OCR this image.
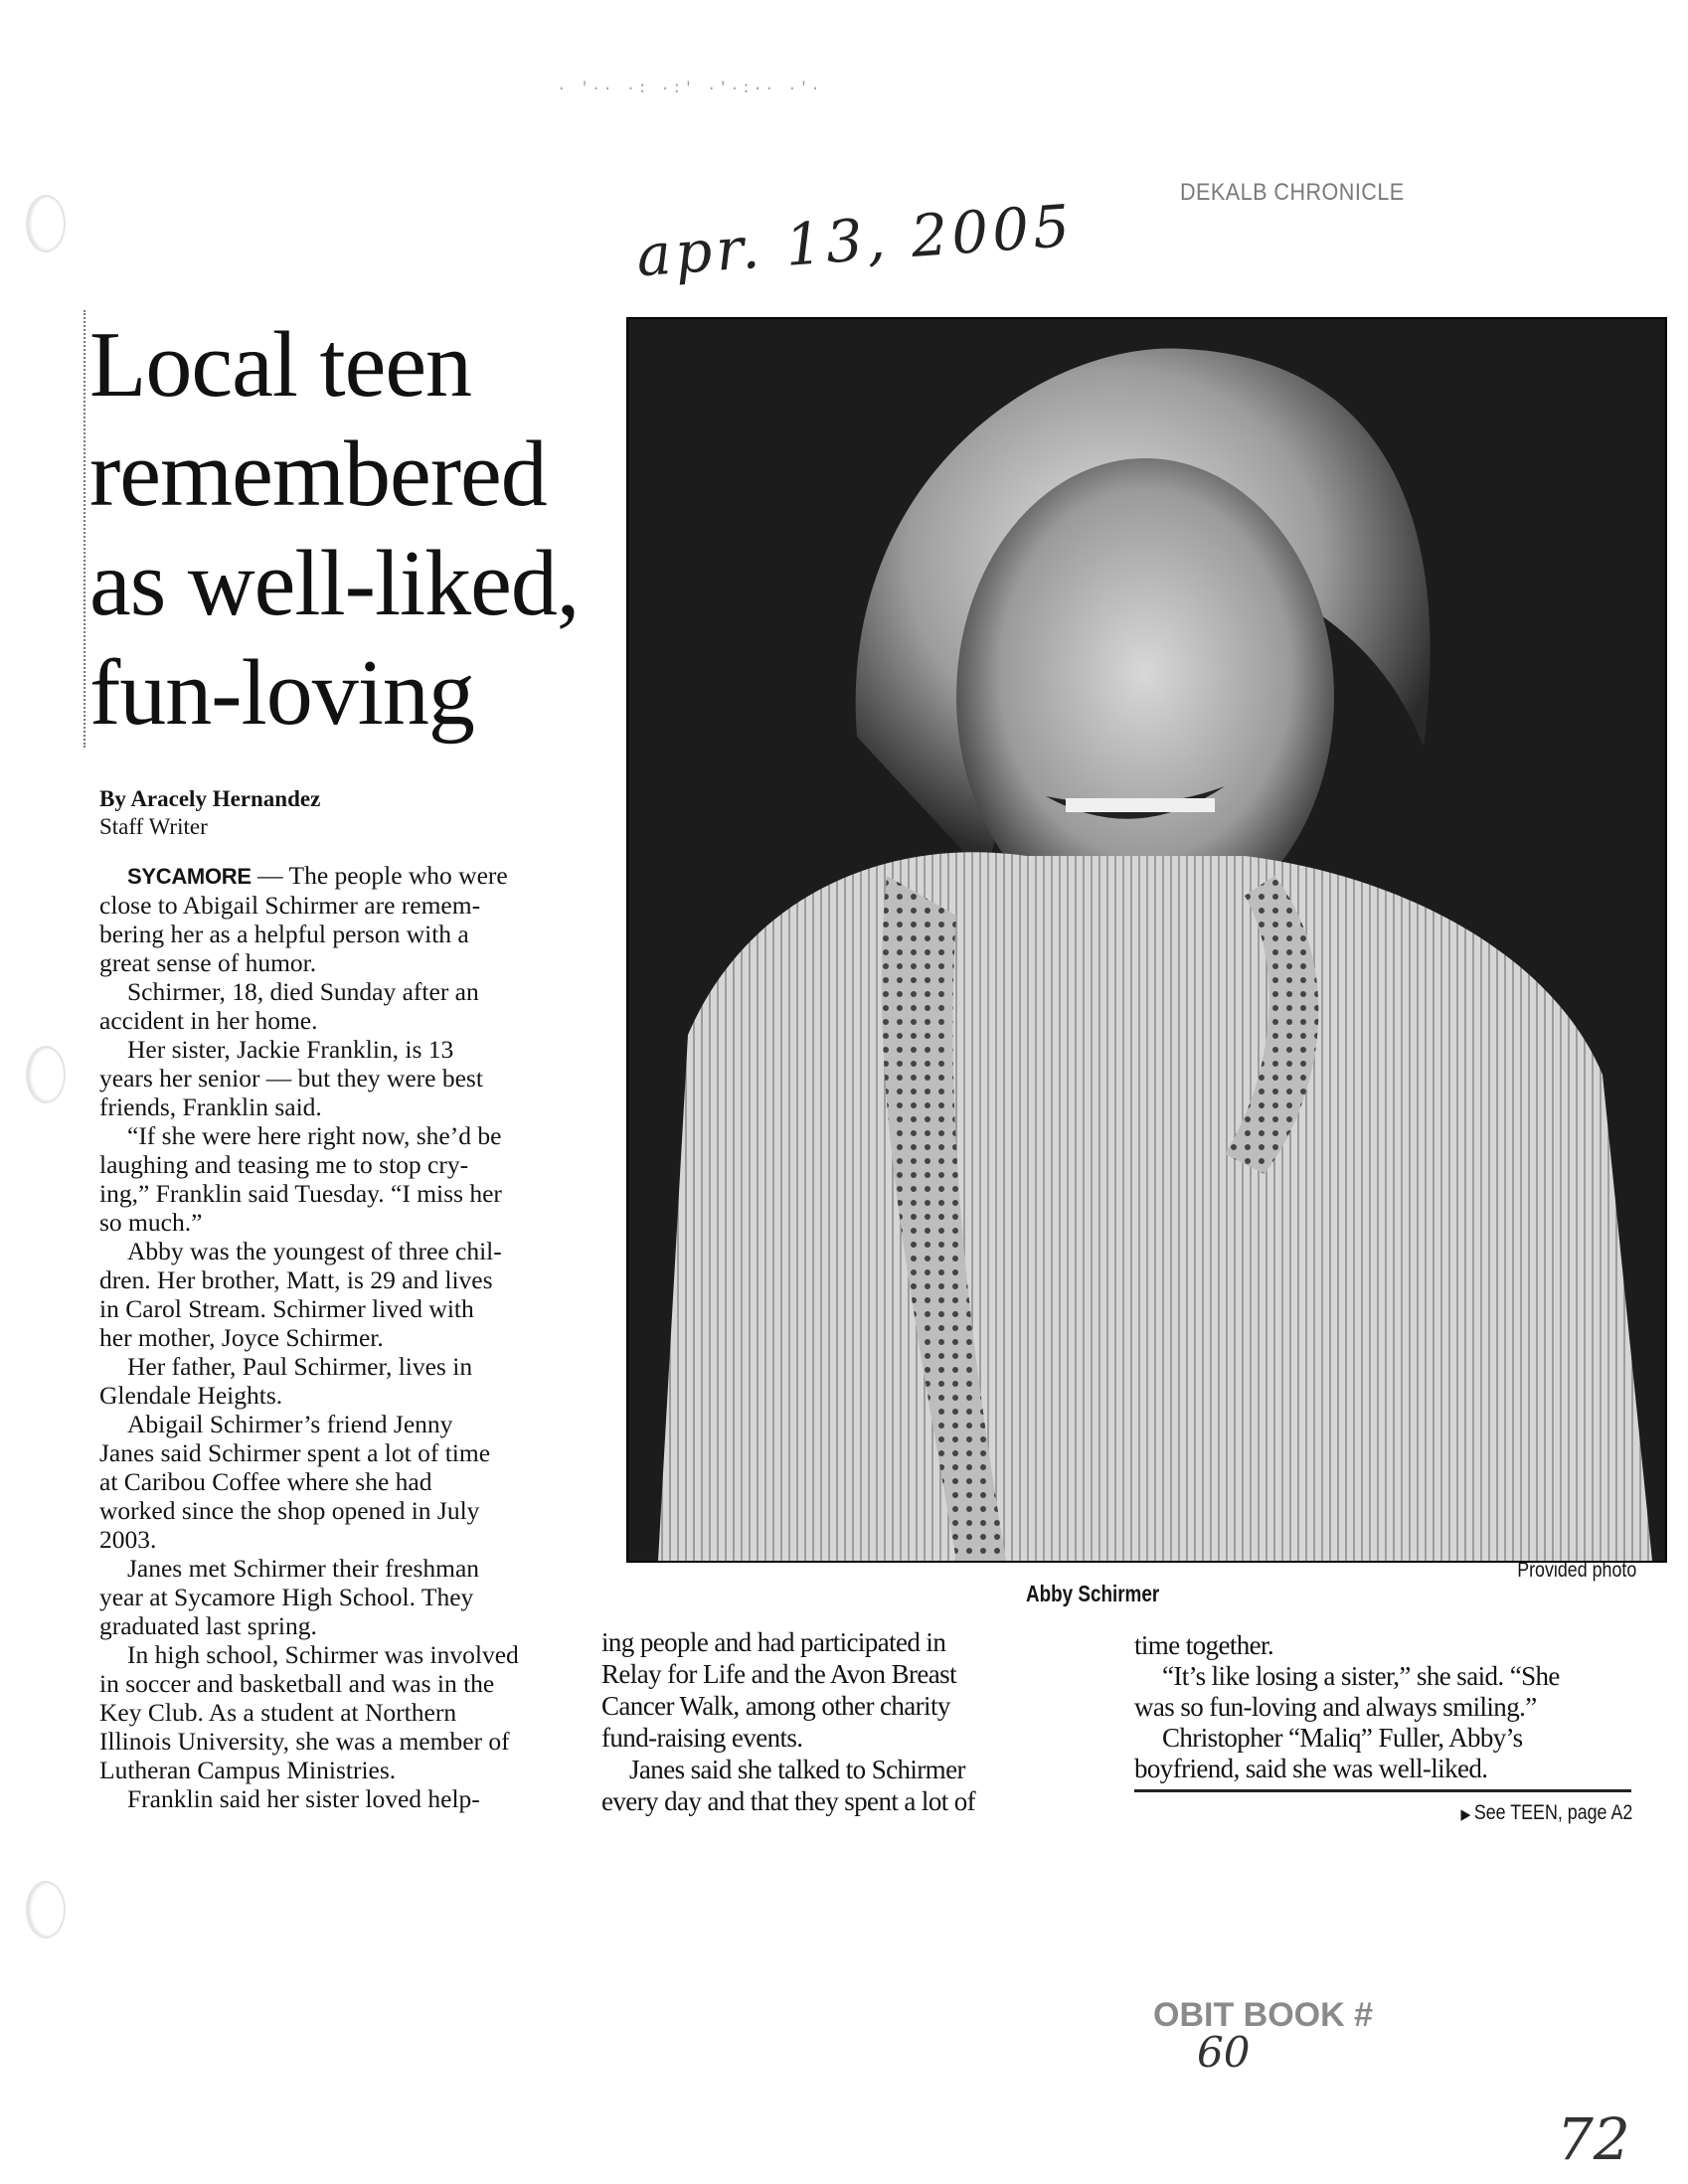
· '·· ·: ·:' ·'·:·· ·'·
DEKALB CHRONICLE
apr. 13, 2005
Local teen
remembered
as well-liked,
fun-loving
By Aracely Hernandez
Staff Writer
SYCAMORE — The people who were
close to Abigail Schirmer are remem-
bering her as a helpful person with a
great sense of humor.
Schirmer, 18, died Sunday after an
accident in her home.
Her sister, Jackie Franklin, is 13
years her senior — but they were best
friends, Franklin said.
“If she were here right now, she’d be
laughing and teasing me to stop cry-
ing,” Franklin said Tuesday. “I miss her
so much.”
Abby was the youngest of three chil-
dren. Her brother, Matt, is 29 and lives
in Carol Stream. Schirmer lived with
her mother, Joyce Schirmer.
Her father, Paul Schirmer, lives in
Glendale Heights.
Abigail Schirmer’s friend Jenny
Janes said Schirmer spent a lot of time
at Caribou Coffee where she had
worked since the shop opened in July
2003.
Janes met Schirmer their freshman
year at Sycamore High School. They
graduated last spring.
In high school, Schirmer was involved
in soccer and basketball and was in the
Key Club. As a student at Northern
Illinois University, she was a member of
Lutheran Campus Ministries.
Franklin said her sister loved help-
ing people and had participated in
Relay for Life and the Avon Breast
Cancer Walk, among other charity
fund-raising events.
Janes said she talked to Schirmer
every day and that they spent a lot of
time together.
“It’s like losing a sister,” she said. “She
was so fun-loving and always smiling.”
Christopher “Maliq” Fuller, Abby’s
boyfriend, said she was well-liked.
Provided photo
Abby Schirmer
▶ See TEEN, page A2
OBIT BOOK #
60
72
